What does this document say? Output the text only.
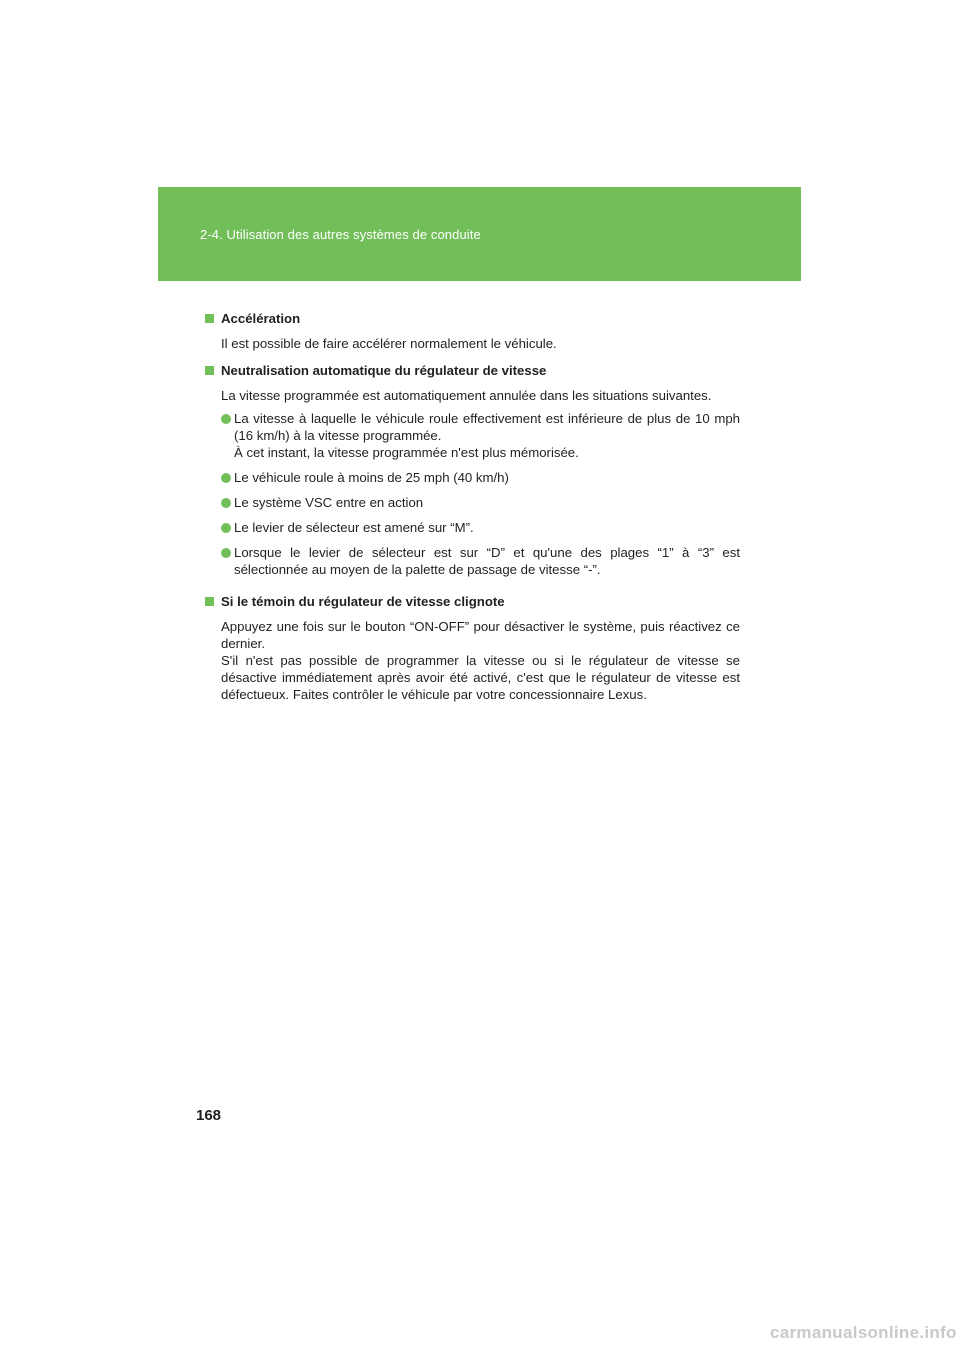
2-4. Utilisation des autres systèmes de conduite
Accélération

Il est possible de faire accélérer normalement le véhicule.

Neutralisation automatique du régulateur de vitesse

La vitesse programmée est automatiquement annulée dans les situations suivantes.

La vitesse à laquelle le véhicule roule effectivement est inférieure de plus de 10 mph (16 km/h) à la vitesse programmée.
À cet instant, la vitesse programmée n'est plus mémorisée.
Le véhicule roule à moins de 25 mph (40 km/h)
Le système VSC entre en action
Le levier de sélecteur est amené sur “M”.
Lorsque le levier de sélecteur est sur “D” et qu'une des plages “1” à “3” est sélectionnée au moyen de la palette de passage de vitesse “-”.
Si le témoin du régulateur de vitesse clignote

Appuyez une fois sur le bouton “ON-OFF” pour désactiver le système, puis réactivez ce dernier.

S'il n'est pas possible de programmer la vitesse ou si le régulateur de vitesse se désactive immédiatement après avoir été activé, c'est que le régulateur de vitesse est défectueux. Faites contrôler le véhicule par votre concessionnaire Lexus.

168
carmanualsonline.info
